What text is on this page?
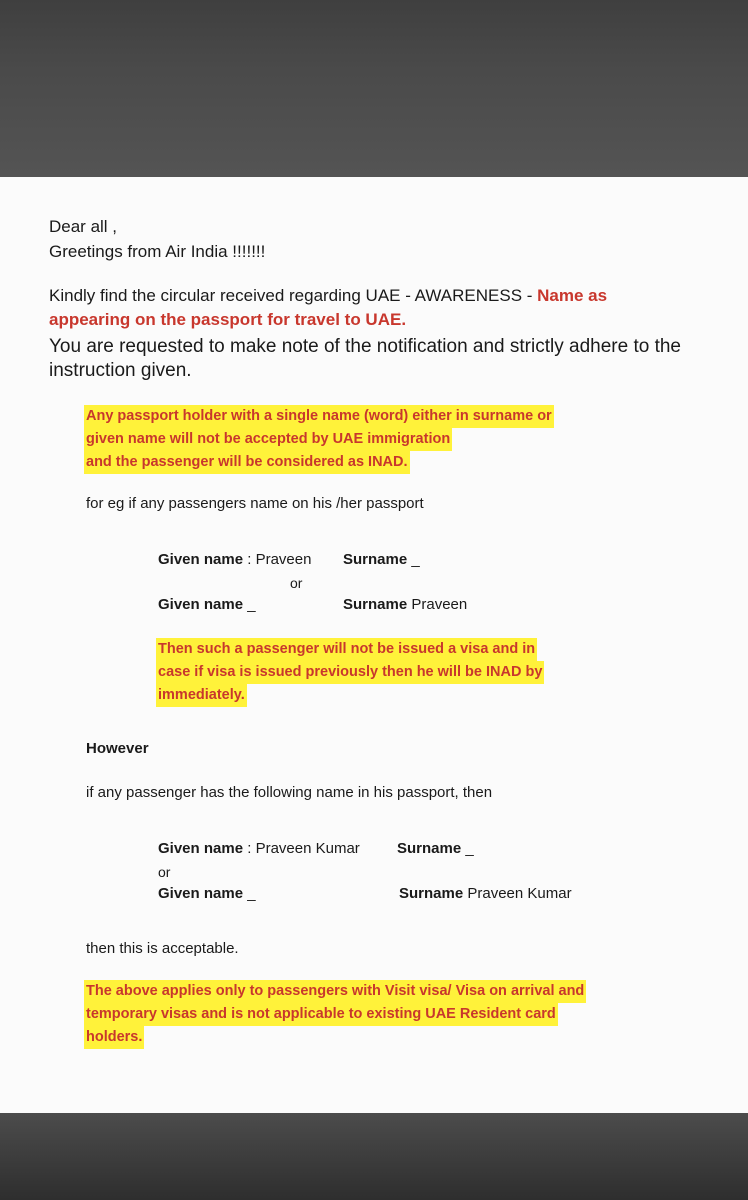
Dear all ,
Greetings from Air India !!!!!!!
Kindly find the circular received regarding UAE - AWARENESS - Name as
appearing on the passport for travel to UAE.
You are requested to make note of the notification and strictly adhere to the
instruction given.
Any passport holder with a single name (word) either in surname or
given name will not be accepted by UAE immigration
and the passenger will be considered as INAD.
for eg if any passengers name on his /her passport
Given name : Praveen Surname _
or
Given name _	Surname Praveen
Then such a passenger will not be issued a visa and in
case if visa is issued previously then he will be INAD by
immediately.
However
if any passenger has the following name in his passport, then
Given name : Praveen Kumar Surname _
or
Given name _	Surname Praveen Kumar
then this is acceptable.
The above applies only to passengers with Visit visa/ Visa on arrival and
temporary visas and is not applicable to existing UAE Resident card
holders.
